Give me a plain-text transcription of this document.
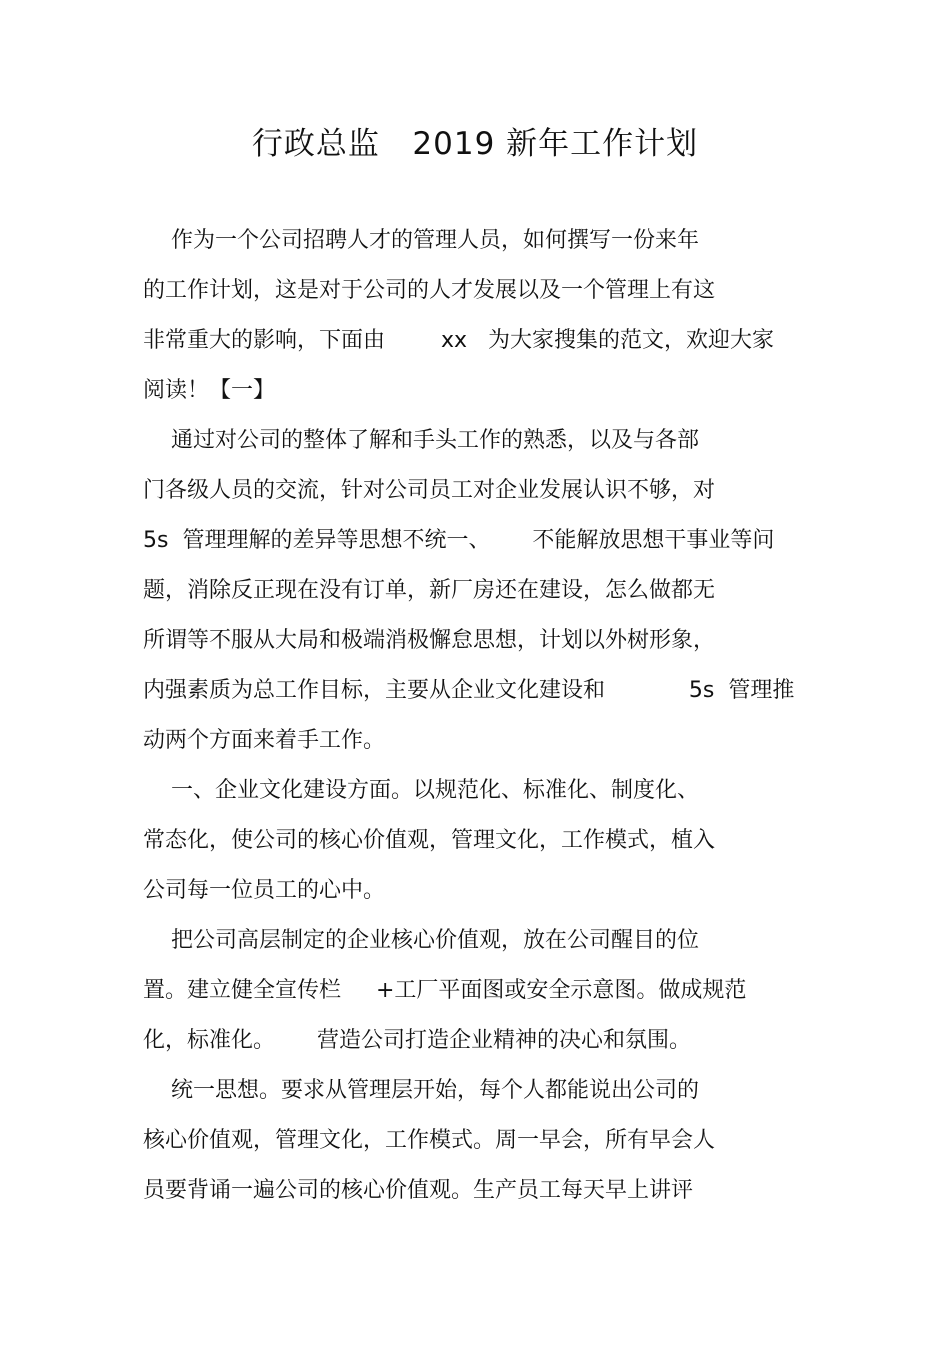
行政总监   2019 新年工作计划
作为一个公司招聘人才的管理人员，如何撰写一份来年
的工作计划，这是对于公司的人才发展以及一个管理上有这
非常重大的影响，下面由        xx   为大家搜集的范文，欢迎大家
阅读！【一】
通过对公司的整体了解和手头工作的熟悉，以及与各部
门各级人员的交流，针对公司员工对企业发展认识不够，对
5s  管理理解的差异等思想不统一、      不能解放思想干事业等问
题，消除反正现在没有订单，新厂房还在建设，怎么做都无
所谓等不服从大局和极端消极懈怠思想，计划以外树形象，
内强素质为总工作目标，主要从企业文化建设和            5s  管理推
动两个方面来着手工作。
一、企业文化建设方面。以规范化、标准化、制度化、
常态化，使公司的核心价值观，管理文化，工作模式，植入
公司每一位员工的心中。
把公司高层制定的企业核心价值观，放在公司醒目的位
置。建立健全宣传栏     +工厂平面图或安全示意图。做成规范
化，标准化。      营造公司打造企业精神的决心和氛围。
统一思想。要求从管理层开始，每个人都能说出公司的
核心价值观，管理文化，工作模式。周一早会，所有早会人
员要背诵一遍公司的核心价值观。生产员工每天早上讲评
